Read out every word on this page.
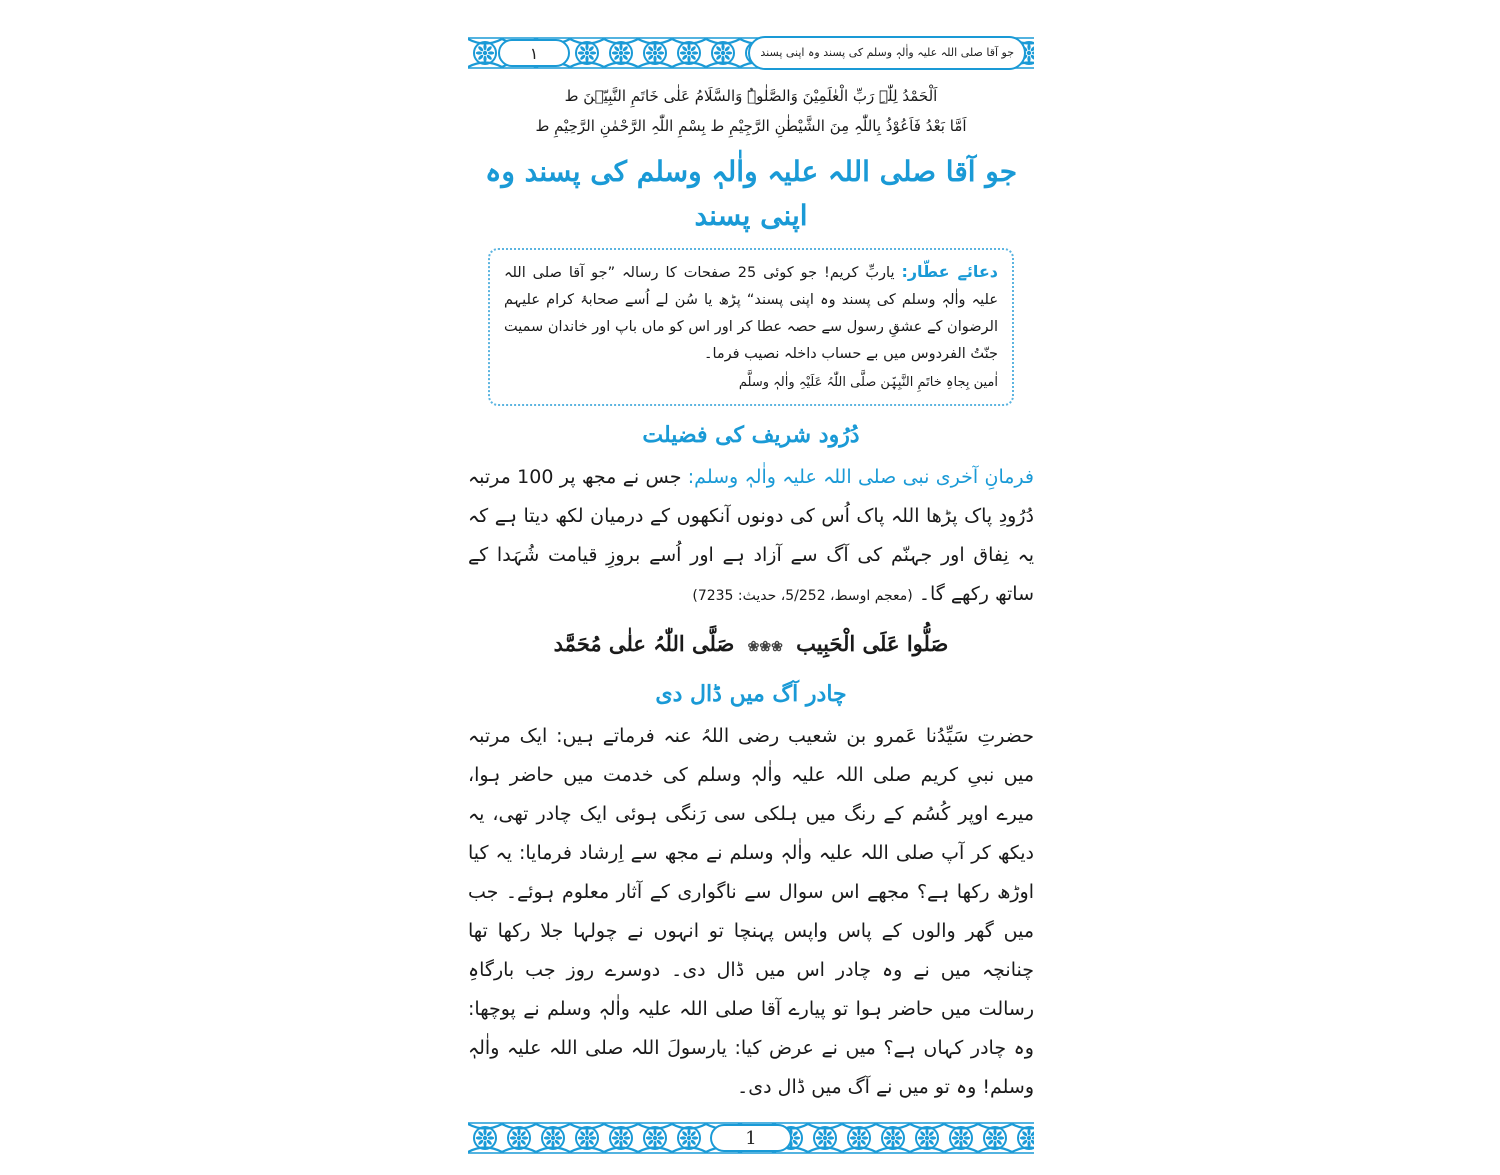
١	جو آقا صلی اللہ علیہ واٰلہٖ وسلم کی پسند وہ اپنی پسند
اَلْحَمْدُ لِلّٰہِ رَبِّ الْعٰلَمِیْنَ وَالصَّلٰوۃُ وَالسَّلَامُ عَلٰی خَاتَمِ النَّبِیّٖنَ ط
اَمَّا بَعْدُ فَاَعُوْذُ بِاللّٰہِ مِنَ الشَّیْطٰنِ الرَّجِیْمِ ط بِسْمِ اللّٰہِ الرَّحْمٰنِ الرَّحِیْمِ ط
جو آقا صلی اللہ علیہ واٰلہٖ وسلم کی پسند وہ اپنی پسند

دعائے عطّار: یاربِّ کریم! جو کوئی 25 صفحات کا رسالہ ”جو آقا صلی اللہ علیہ واٰلہٖ وسلم کی پسند وہ اپنی پسند“ پڑھ یا سُن لے اُسے صحابۂ کرام علیہم الرضوان کے عشقِ رسول سے حصہ عطا کر اور اس کو ماں باپ اور خاندان سمیت جنّتُ الفردوس میں بے حساب داخلہ نصیب فرما۔

اٰمین بِجاہِ خاتَمِ النَّبِیّٖن صلَّی اللّٰہُ عَلَیْہِ واٰلہٖ وسلَّم
دُرُود شریف کی فضیلت

فرمانِ آخری نبی صلی اللہ علیہ واٰلہٖ وسلم: جس نے مجھ پر 100 مرتبہ دُرُودِ پاک پڑھا اللہ پاک اُس کی دونوں آنکھوں کے درمیان لکھ دیتا ہے کہ یہ نِفاق اور جہنّم کی آگ سے آزاد ہے اور اُسے بروزِ قیامت شُہَدا کے ساتھ رکھے گا۔ (معجم اوسط، 5/252، حدیث: 7235)

صَلُّوا عَلَی الْحَبِیب ❀❀❀ صَلَّی اللّٰہُ علٰی مُحَمَّد
چادر آگ میں ڈال دی

حضرتِ سَیِّدُنا عَمرو بن شعیب رضی اللہُ عنہ فرماتے ہیں: ایک مرتبہ میں نبیِ کریم صلی اللہ علیہ واٰلہٖ وسلم کی خدمت میں حاضر ہوا، میرے اوپر کُسُم کے رنگ میں ہلکی سی رَنگی ہوئی ایک چادر تھی، یہ دیکھ کر آپ صلی اللہ علیہ واٰلہٖ وسلم نے مجھ سے اِرشاد فرمایا: یہ کیا اوڑھ رکھا ہے؟ مجھے اس سوال سے ناگواری کے آثار معلوم ہوئے۔ جب میں گھر والوں کے پاس واپس پہنچا تو انہوں نے چولہا جلا رکھا تھا چنانچہ میں نے وہ چادر اس میں ڈال دی۔ دوسرے روز جب بارگاہِ رسالت میں حاضر ہوا تو پیارے آقا صلی اللہ علیہ واٰلہٖ وسلم نے پوچھا: وہ چادر کہاں ہے؟ میں نے عرض کیا: یارسولَ اللہ صلی اللہ علیہ واٰلہٖ وسلم! وہ تو میں نے آگ میں ڈال دی۔

1
